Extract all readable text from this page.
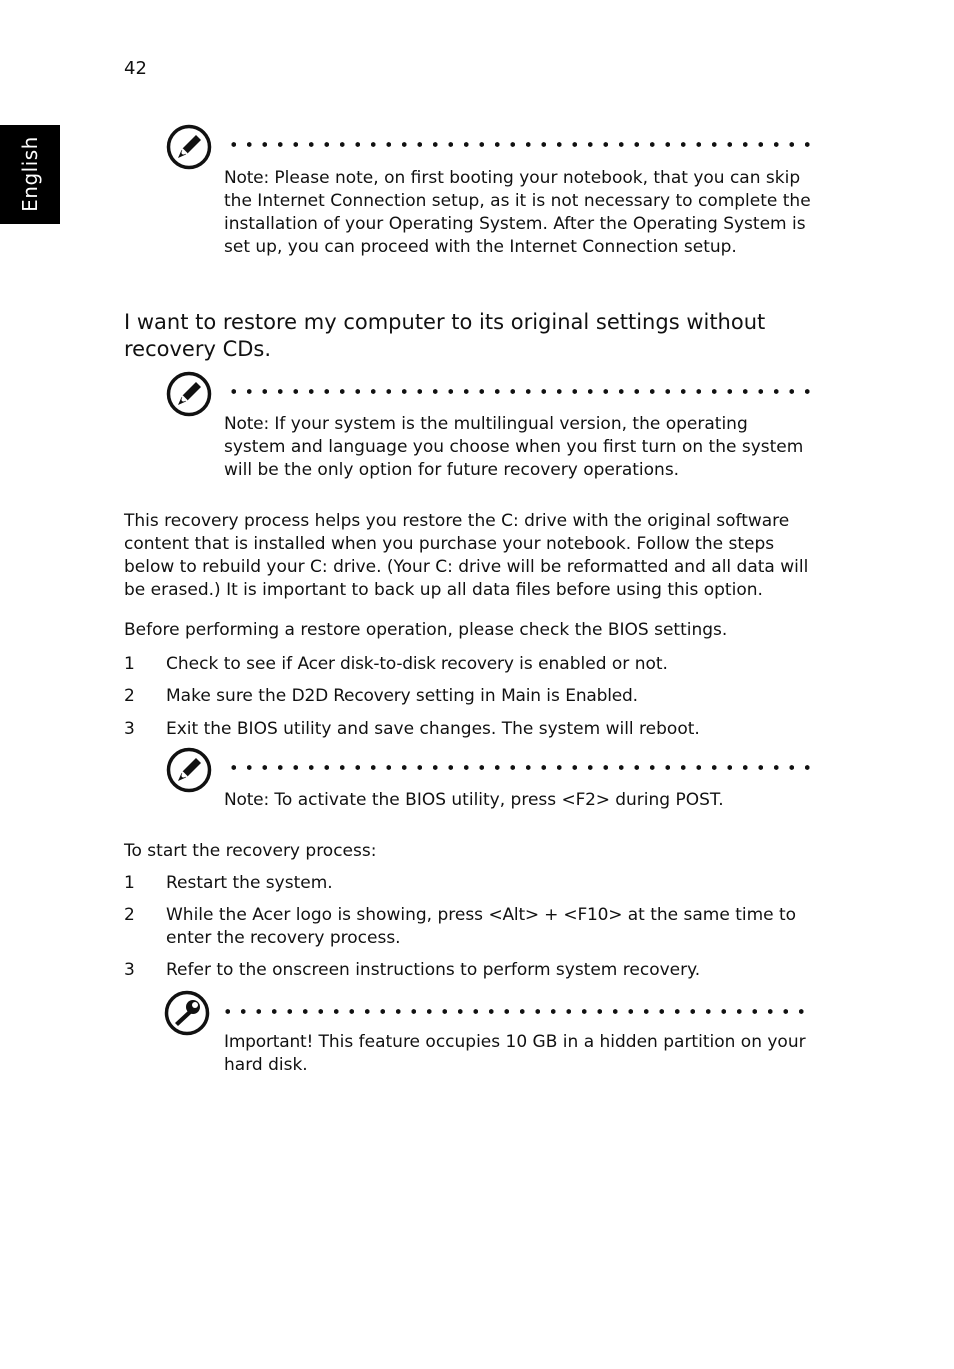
42
English	Note: Please note, on first booting your notebook, that you can skip the Internet Connection setup, as it is not necessary to complete the installation of your Operating System. After the Operating System is set up, you can proceed with the Internet Connection setup.
I want to restore my computer to its original settings without recovery CDs.
Note: If your system is the multilingual version, the operating system and language you choose when you first turn on the system will be the only option for future recovery operations.
This recovery process helps you restore the C: drive with the original software content that is installed when you purchase your notebook. Follow the steps below to rebuild your C: drive. (Your C: drive will be reformatted and all data will be erased.) It is important to back up all data files before using this option.
Before performing a restore operation, please check the BIOS settings.
1 Check to see if Acer disk-to-disk recovery is enabled or not.
2 Make sure the D2D Recovery setting in Main is Enabled.
3 Exit the BIOS utility and save changes. The system will reboot.
Note: To activate the BIOS utility, press <F2> during POST.
To start the recovery process:
1 Restart the system.
2 While the Acer logo is showing, press <Alt> + <F10> at the same time to enter the recovery process.
3 Refer to the onscreen instructions to perform system recovery.
Important! This feature occupies 10 GB in a hidden partition on your hard disk.
